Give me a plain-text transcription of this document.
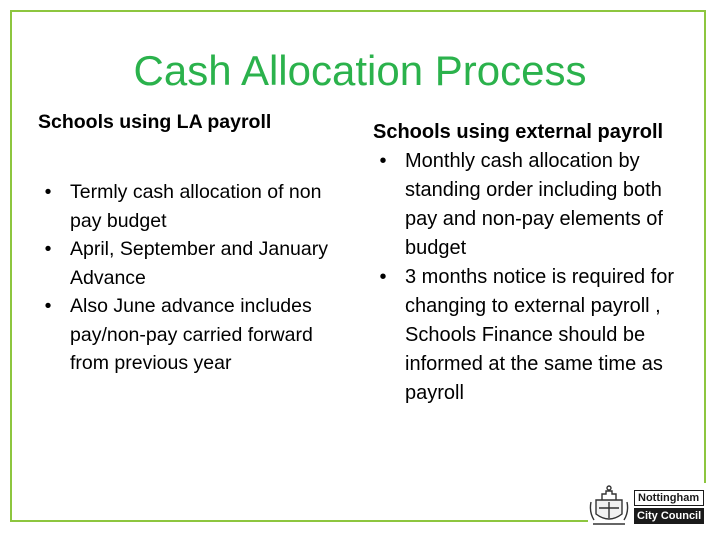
Cash Allocation Process

Schools using LA payroll

• Termly cash allocation of non pay budget
• April, September and January Advance
• Also June advance includes pay/non-pay carried forward from previous year

Schools using external payroll

• Monthly cash allocation by standing order including both pay and non-pay elements of budget
• 3 months notice is required for changing to external payroll , Schools Finance should be informed at the same time as payroll
Nottingham
City Council
